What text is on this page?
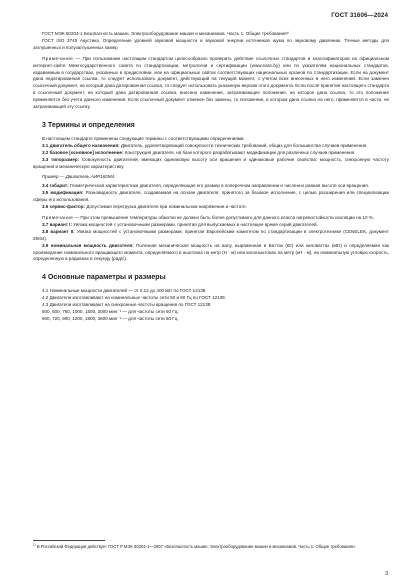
ГОСТ 31606—2024

ГОСТ МЭК 60204-1 Безопасность машин. Электрооборудование машин и механизмов. Часть 1. Общие требования¹⁾

ГОСТ ISO 3745 Акустика. Определение уровней звуковой мощности и звуковой энергии источников шума по звуковому давлению. Точные методы для заглушенных и полузаглушенных камер

Примечание — При пользовании настоящим стандартом целесообразно проверить действие ссылочных стандартов и классификаторов на официальном интернет-сайте Межгосударственного совета по стандартизации, метрологии и сертификации (www.easc.by) или по указателям национальных стандартов, издаваемым в государствах, указанных в предисловии, или на официальных сайтах соответствующих национальных органов по стандартизации. Если на документ дана недатированная ссылка, то следует использовать документ, действующий на текущий момент, с учетом всех внесенных в него изменений. Если заменен ссылочный документ, на который дана датированная ссылка, то следует использовать указанную версию этого документа. Если после принятия настоящего стандарта в ссылочный документ, на который дана датированная ссылка, внесено изменение, затрагивающее положение, на которое дана ссылка, то это положение применяется без учета данного изменения. Если ссылочный документ отменен без замены, то положение, в котором дана ссылка на него, применяется в части, не затрагивающей эту ссылку.

3 Термины и определения

В настоящем стандарте применены следующие термины с соответствующими определениями.

3.1 двигатель общего назначения: Двигатель, удовлетворяющий совокупности технических требований, общих для большинства случаев применения.

3.2 базовое [основное] исполнение: Конструкция двигателя, на базе которого разрабатывают модификации для различных случаев применения.

3.3 типоразмер: Совокупность двигателей, имеющих одинаковую высоту оси вращения и одинаковые рабочие свойства: мощность, синхронную частоту вращения и механическую характеристику.

Пример — Двигатель АИР160М4.

3.4 габарит: Геометрическая характеристика двигателя, определяющая его размер в поперечном направлении и численно равная высоте оси вращения.

3.5 модификация: Разновидность двигателя, создаваемая на основе двигателя, принятого за базовое исполнение, с целью расширения или специализации сферы его использования.

3.6 сервис-фактор: Допустимая перегрузка двигателя при номинальном напряжении и частоте.

Примечание — При этом превышение температуры обмотки не должно быть более допустимого для данного класса нагревостойкости изоляции на 10 %.

3.7 вариант I: Увязка мощностей с установочными размерами, принятая для выпускаемых в настоящее время серий двигателей.

3.8 вариант II: Увязка мощностей с установочными размерами, принятая Европейским комитетом по стандартизации в электротехнике (CENELEK, документ 28/64).

3.9 номинальная мощность двигателя: Полезная механическая мощность на валу, выраженная в Ваттах (Вт) или киловаттах (кВт) и определяемая как произведение номинального вращающего момента, определяемого в ньютонах на метр (Н · м) или килоньютонах на метр (кН · м), на номинальную угловую скорость, определенную в радианах в секунду (рад/с).

4 Основные параметры и размеры

4.1 Номинальные мощности двигателей — от 0,12 до 400 кВт по ГОСТ 12139.

4.2 Двигатели изготавливают на номинальные частоты сети 50 и 60 Гц по ГОСТ 12139.

4.3 Двигатели изготавливают на синхронные частоты вращения по ГОСТ 12139:

500, 600, 750, 1000, 1500, 3000 мин⁻¹ — для частоты сети 50 Гц;

600, 720, 900, 1200, 1800, 3600 мин⁻¹ — для частоты сети 60 Гц.

$^{1)}$ В Российской Федерации действует ГОСТ Р МЭК 60204-1—2007 «Безопасность машин. Электрооборудование машин и механизмов. Часть 1. Общие требования».

3
